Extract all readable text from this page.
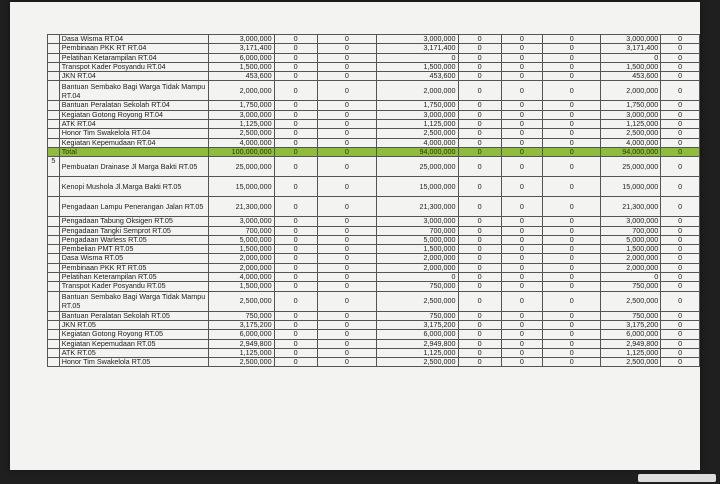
	Dasa Wisma RT.04	3,000,000	0	0	3,000,000	0	0	0	3,000,000	0
	Pembinaan PKK RT RT.04	3,171,400	0	0	3,171,400	0	0	0	3,171,400	0
	Pelatihan Ketarampilan RT.04	6,000,000	0	0	0	0	0	0	0	0
	Transpot Kader Posyandu RT.04	1,500,000	0	0	1,500,000	0	0	0	1,500,000	0
	JKN RT.04	453,600	0	0	453,600	0	0	0	453,600	0
	Bantuan Sembako Bagi Warga Tidak Mampu RT.04	2,000,000	0	0	2,000,000	0	0	0	2,000,000	0
	Bantuan Peralatan Sekolah RT.04	1,750,000	0	0	1,750,000	0	0	0	1,750,000	0
	Kegiatan Gotong Royong RT.04	3,000,000	0	0	3,000,000	0	0	0	3,000,000	0
	ATK RT.04	1,125,000	0	0	1,125,000	0	0	0	1,125,000	0
	Honor Tim Swakelola RT.04	2,500,000	0	0	2,500,000	0	0	0	2,500,000	0
	Kegiatan Kepemudaan RT.04	4,000,000	0	0	4,000,000	0	0	0	4,000,000	0
	Total	100,000,000	0	0	94,000,000	0	0	0	94,000,000	0
5	Pembuatan Drainase Jl Marga Bakti RT.05	25,000,000	0	0	25,000,000	0	0	0	25,000,000	0
	Kenopi Mushola Jl.Marga Bakti RT.05	15,000,000	0	0	15,000,000	0	0	0	15,000,000	0
	Pengadaan Lampu Penerangan Jalan RT.05	21,300,000	0	0	21,300,000	0	0	0	21,300,000	0
	Pengadaan Tabung Oksigen RT.05	3,000,000	0	0	3,000,000	0	0	0	3,000,000	0
	Pengadaan Tangki Semprot RT.05	700,000	0	0	700,000	0	0	0	700,000	0
	Pengadaan Warless RT.05	5,000,000	0	0	5,000,000	0	0	0	5,000,000	0
	Pembelian PMT RT.05	1,500,000	0	0	1,500,000	0	0	0	1,500,000	0
	Dasa Wisma RT.05	2,000,000	0	0	2,000,000	0	0	0	2,000,000	0
	Pembinaan PKK RT RT.05	2,000,000	0	0	2,000,000	0	0	0	2,000,000	0
	Pelatihan Keterampilan RT.05	4,000,000	0	0	0	0	0	0	0	0
	Transpot Kader Posyandu RT.05	1,500,000	0	0	750,000	0	0	0	750,000	0
	Bantuan Sembako Bagi Warga Tidak Mampu RT.05	2,500,000	0	0	2,500,000	0	0	0	2,500,000	0
	Bantuan Peralatan Sekolah RT.05	750,000	0	0	750,000	0	0	0	750,000	0
	JKN RT.05	3,175,200	0	0	3,175,200	0	0	0	3,175,200	0
	Kegiatan Gotong Royong RT.05	6,000,000	0	0	6,000,000	0	0	0	6,000,000	0
	Kegiatan Kepemudaan RT.05	2,949,800	0	0	2,949,800	0	0	0	2,949,800	0
	ATK RT.05	1,125,000	0	0	1,125,000	0	0	0	1,125,000	0
	Honor Tim Swakelola RT.05	2,500,000	0	0	2,500,000	0	0	0	2,500,000	0
